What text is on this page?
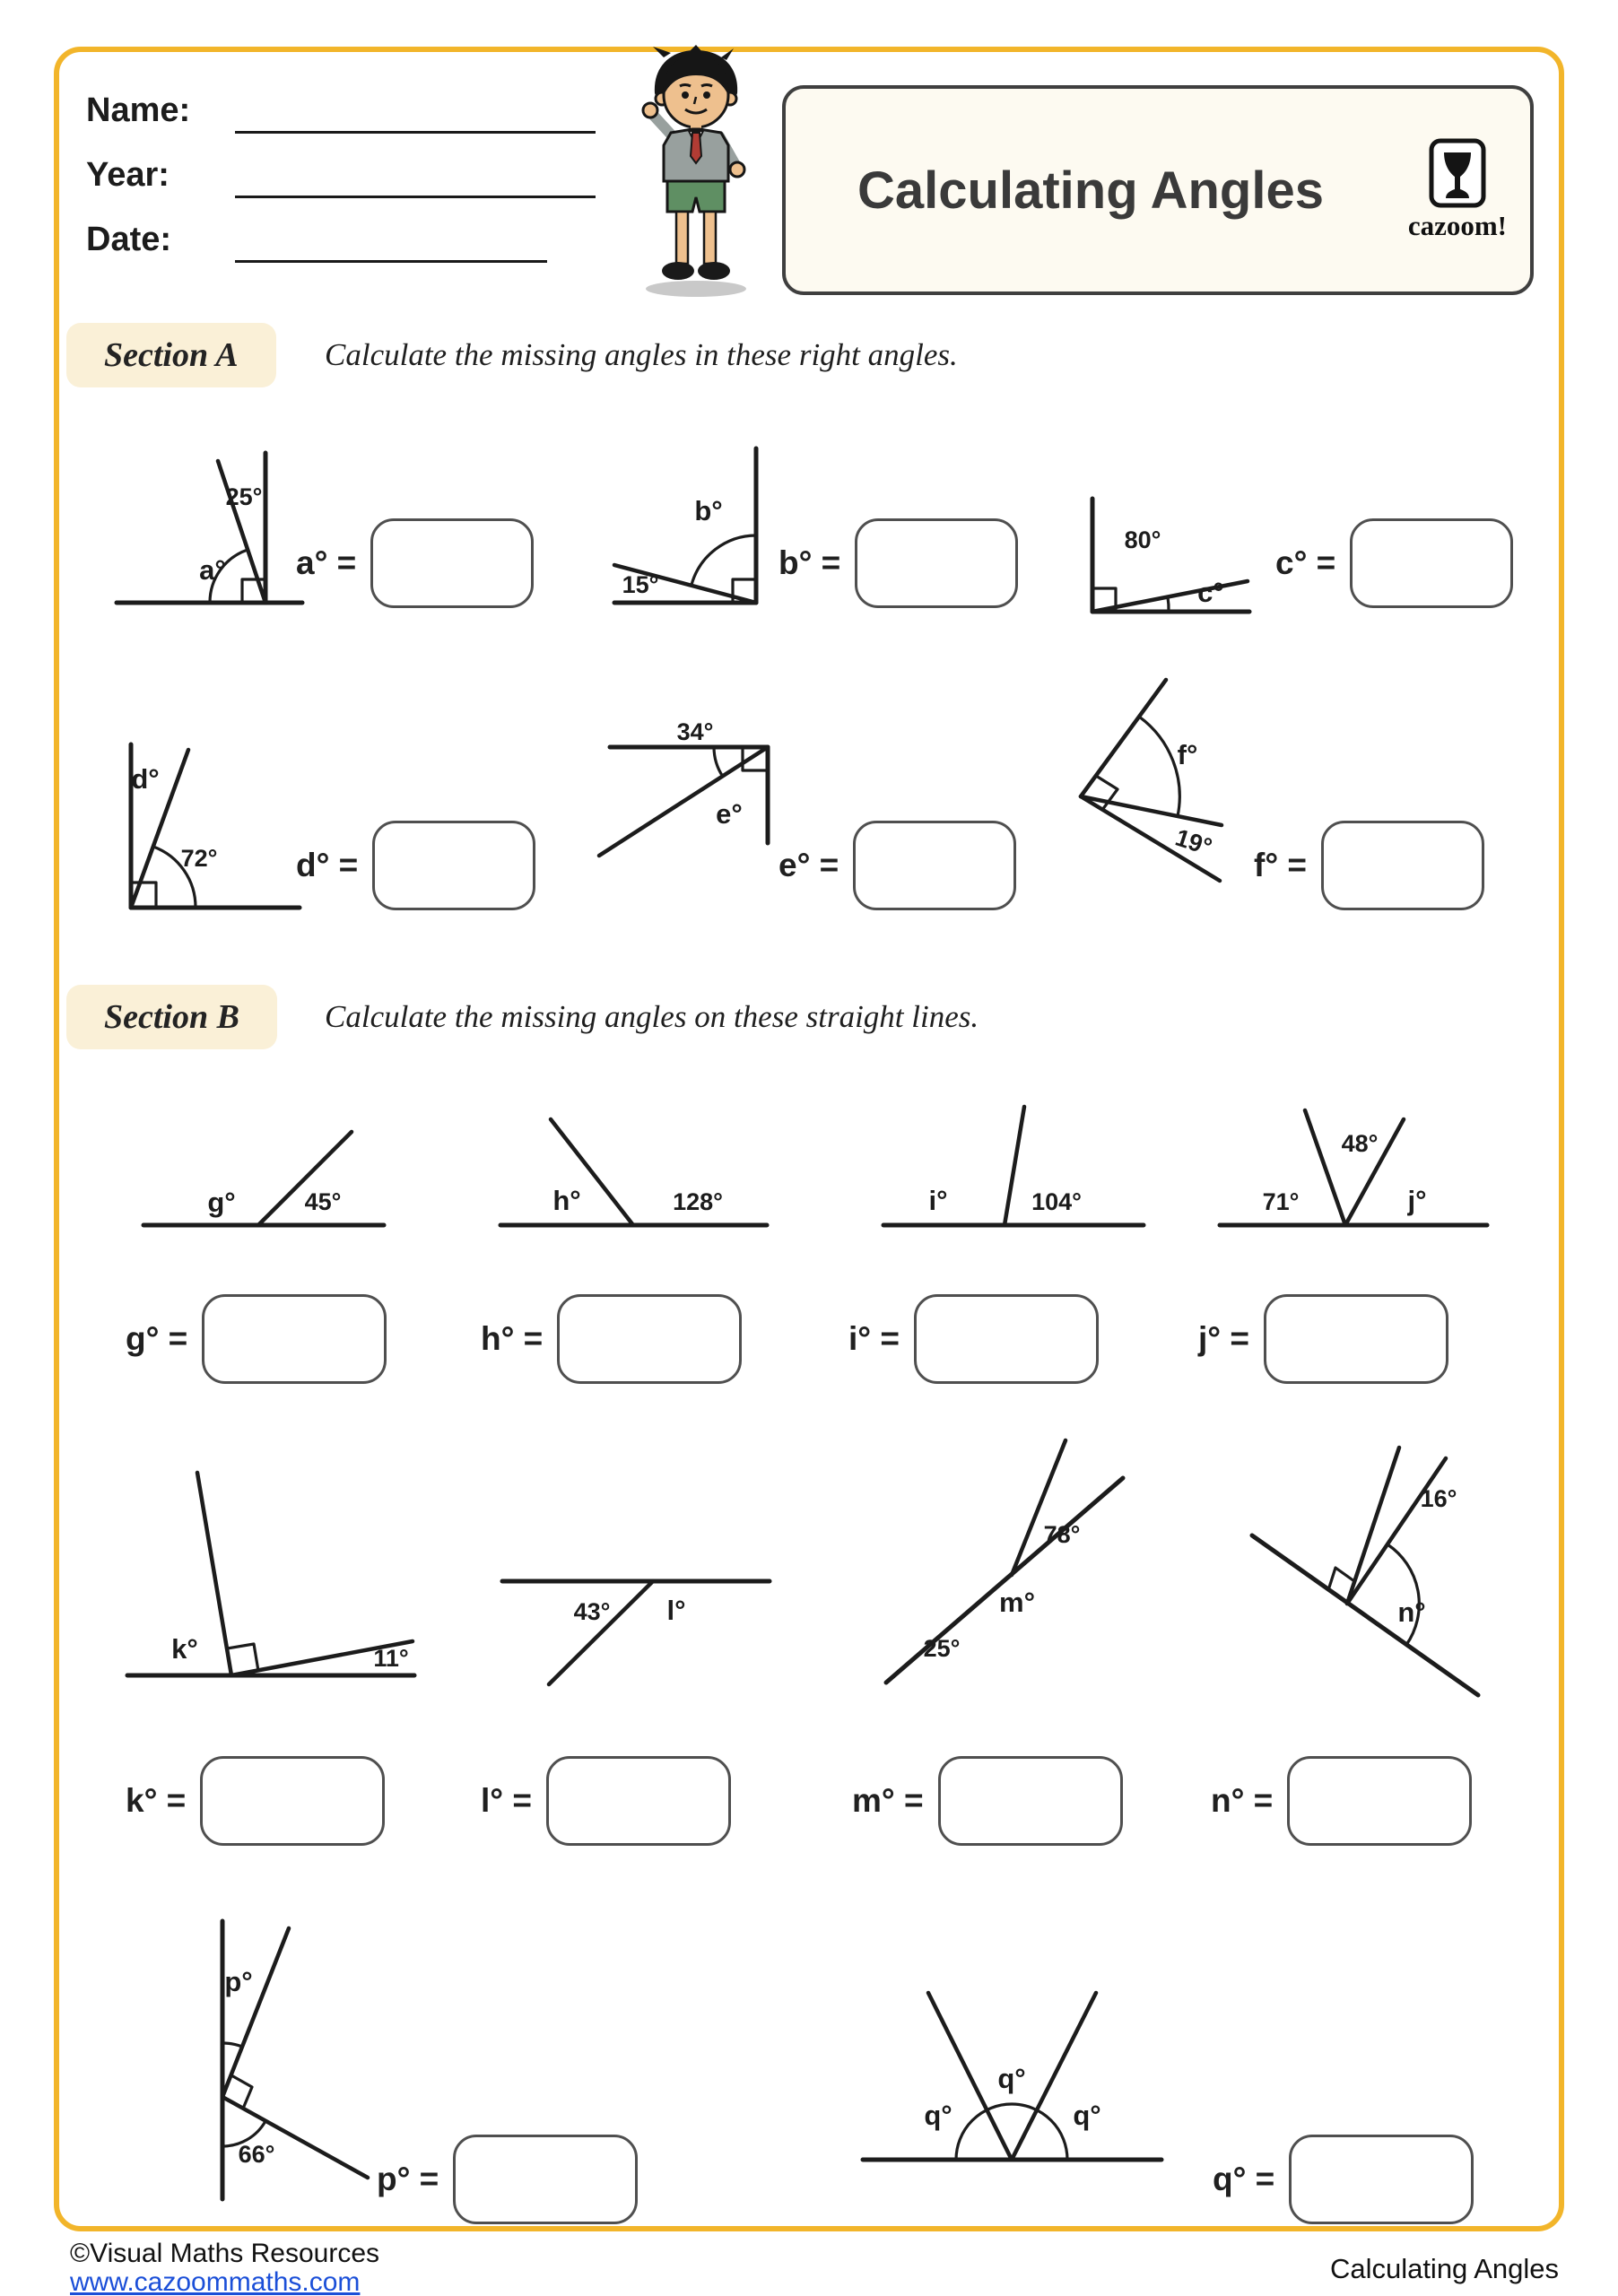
Name:
Year:
Date:
Calculating Angles
cazoom!
Section A	Calculate the missing angles in these right angles.
Section B	Calculate the missing angles on these straight lines.
25°
a°
b°
15°
80°
c°
d°
72°
34°
e°
f°
19°
g°	45°	h°	128°	i°	104°	71°
48°
j°
k°	11°
43° l°
78°
m°
25°
16°
n°
p°
66°
q°
q°
q°
a° =	b° =	c° =
d° =	e° =	f° =
g° =	h° =	i° =	j° =
k° =	l° =	m° =	n° =
p° =	q° =
©Visual Maths Resources
www.cazoommaths.com	Calculating Angles
